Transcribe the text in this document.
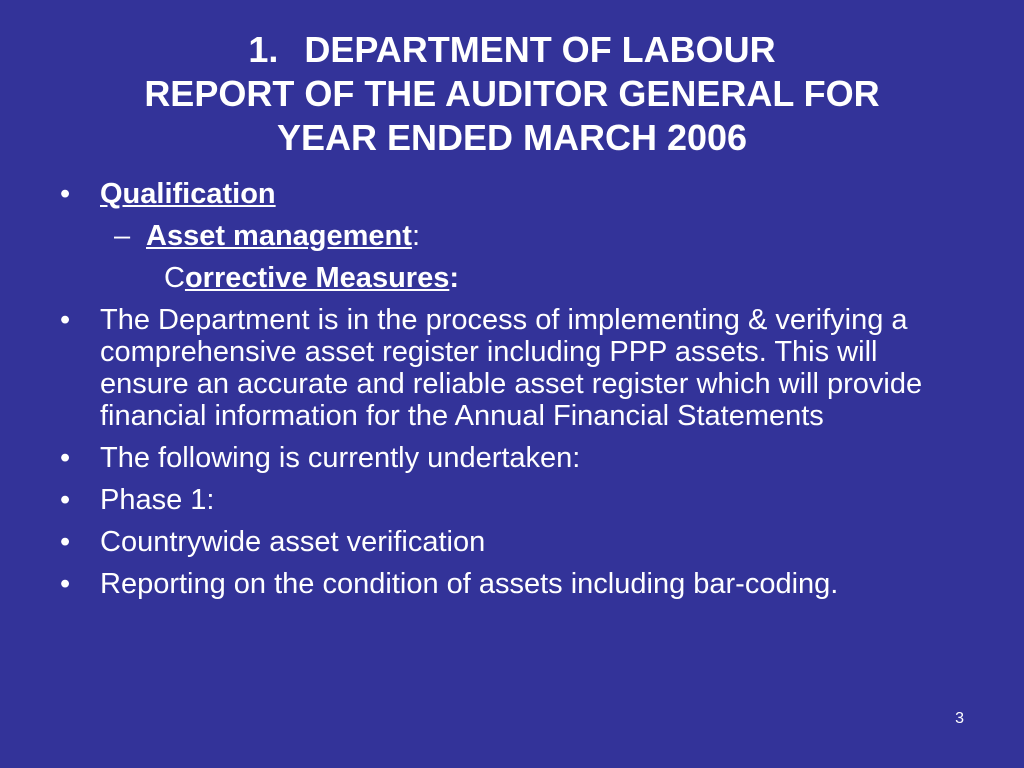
1. DEPARTMENT OF LABOUR
REPORT OF THE AUDITOR GENERAL FOR
YEAR ENDED MARCH 2006
• Qualification
– Asset management:
Corrective Measures:
• The Department is in the process of implementing & verifying a comprehensive asset register including PPP assets. This will ensure an accurate and reliable asset register which will provide financial information for the Annual Financial Statements
• The following is currently undertaken:
• Phase 1:
• Countrywide asset verification
• Reporting on the condition of assets including bar-coding.
3
